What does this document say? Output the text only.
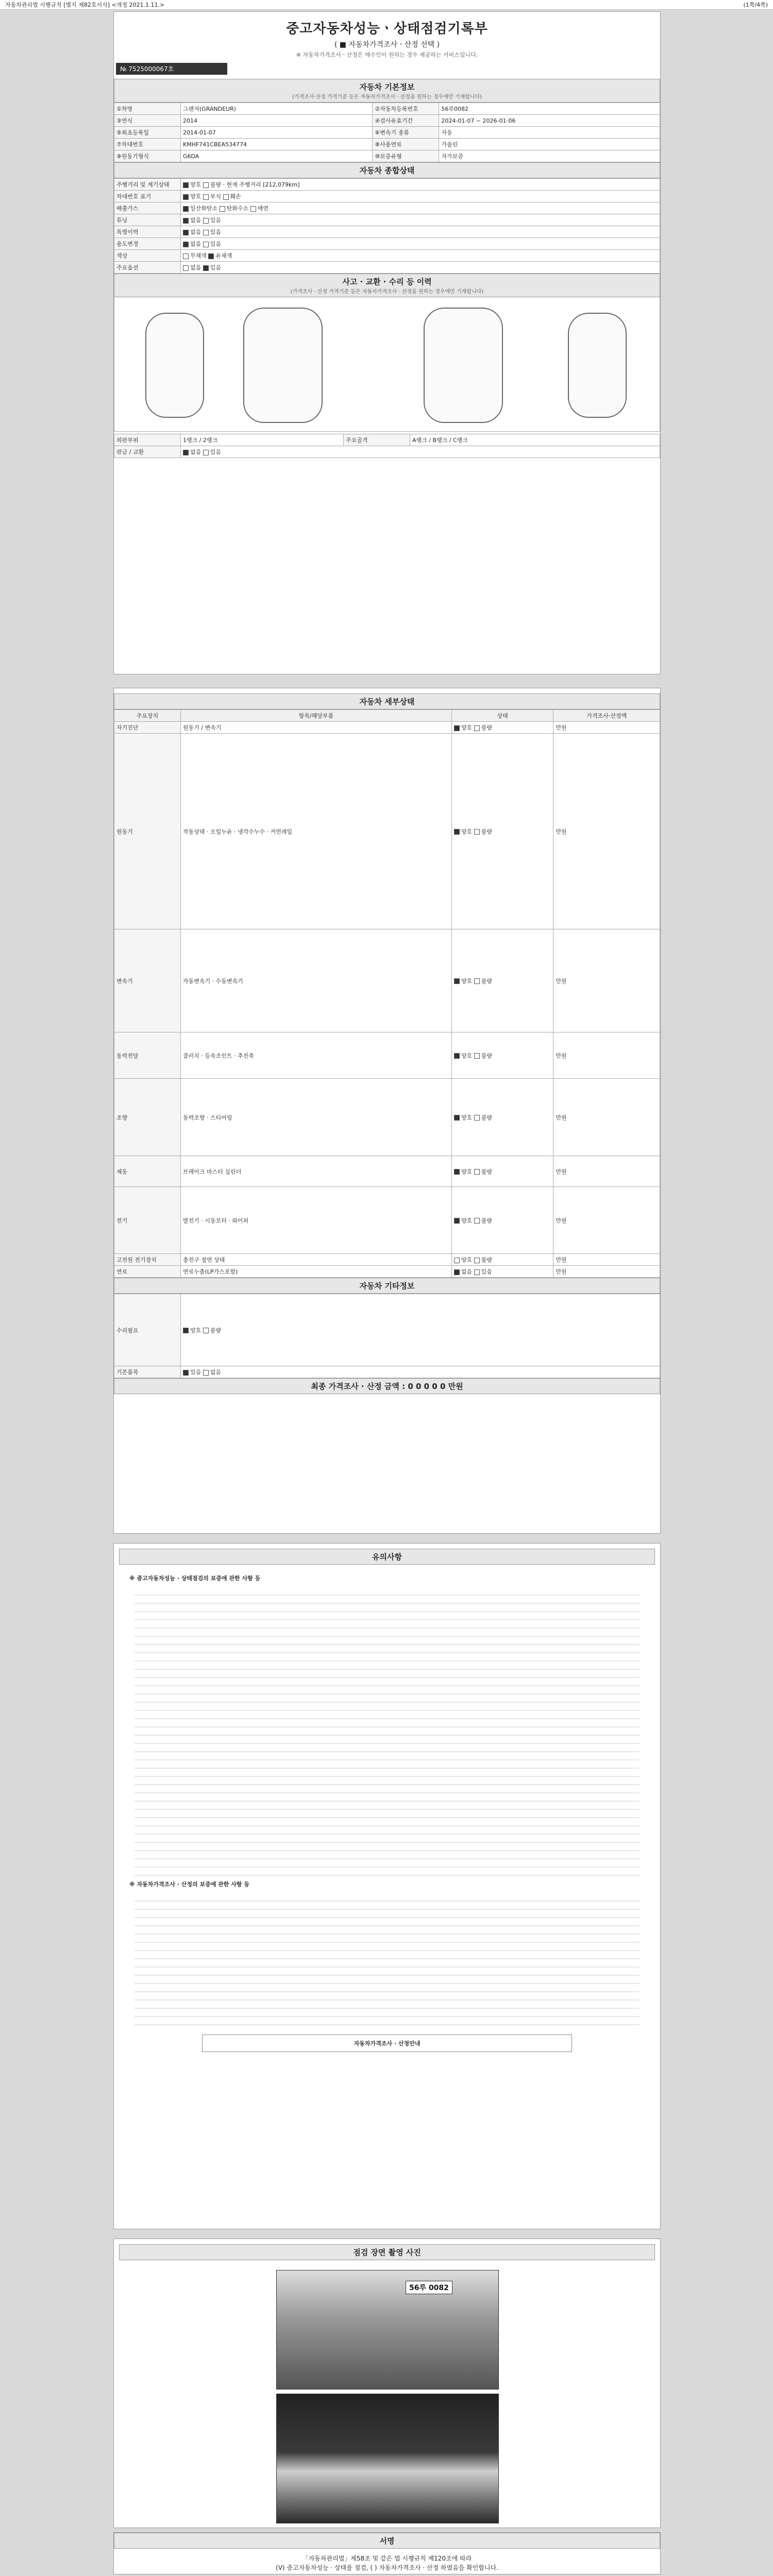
자동차관리법 시행규칙 [별지 제82호서식] <개정 2021.1.11.>	(1쪽/4쪽)
중고자동차성능ㆍ상태점검기록부
( ■ 자동차가격조사ㆍ산정 선택 )
※ 자동차가격조사ㆍ산정은 매수인이 원하는 경우 제공하는 서비스입니다.
№ 7525000067호
자동차 기본정보
(가격조사·산정 가격기준 등은 자동차가격조사 · 산정을 원하는 경우에만 기재합니다)
①차명	그랜저(GRANDEUR)	②자동차등록번호	56루0082
③연식	2014	④검사유효기간	2024-01-07 ~ 2026-01-06
⑤최초등록일	2014-01-07	⑥변속기 종류	자동
⑦차대번호	KMHF741CBEA534774	⑧사용연료	가솔린
⑨원동기형식	G6DA	⑩보증유형	자가보증
자동차 종합상태
주행거리 및 계기상태	양호 불량 · 현재 주행거리 [212,079km]
차대번호 표기	양호 부식 훼손
배출가스	일산화탄소 탄화수소 매연
튜닝	없음 있음
특별이력	없음 있음
용도변경	없음 있음
색상	무채색 유채색
주요옵션	없음 있음
사고 · 교환 · 수리 등 이력
(가격조사 · 산정 가격기준 등은 자동차가격조사 · 산정을 원하는 경우에만 기재합니다)
외판부위	1랭크 / 2랭크	주요골격	A랭크 / B랭크 / C랭크
판금 / 교환	없음 있음		
자동차 세부상태
주요장치	항목/해당부품	상태	가격조사·산정액
자기진단	원동기 / 변속기	양호 불량	만원
원동기	작동상태 · 오일누유 · 냉각수누수 · 커먼레일	양호 불량	만원
변속기	자동변속기 · 수동변속기	양호 불량	만원
동력전달	클러치 · 등속조인트 · 추진축	양호 불량	만원
조향	동력조향 · 스티어링	양호 불량	만원
제동	브레이크 마스터 실린더	양호 불량	만원
전기	발전기 · 시동모터 · 와이퍼	양호 불량	만원
고전원 전기장치	충전구 절연 상태	양호 불량	만원
연료	연료누출(LP가스포함)	없음 있음	만원
자동차 기타정보
수리필요	양호 불량
기본품목	있음 없음
최종 가격조사 · 산정 금액 : 0 0 0 0 0 만원
유의사항
※ 중고자동차성능 · 상태점검의 보증에 관한 사항 등
※ 자동차가격조사 · 산정의 보증에 관한 사항 등
자동차가격조사 · 산정안내
점검 장면 촬영 사진
56루 0082
서명
「자동차관리법」제58조 및 같은 법 시행규칙 제120조에 따라
(V) 중고자동차성능 · 상태를 점검, ( ) 자동차가격조사 · 산정 하였음을 확인합니다.
